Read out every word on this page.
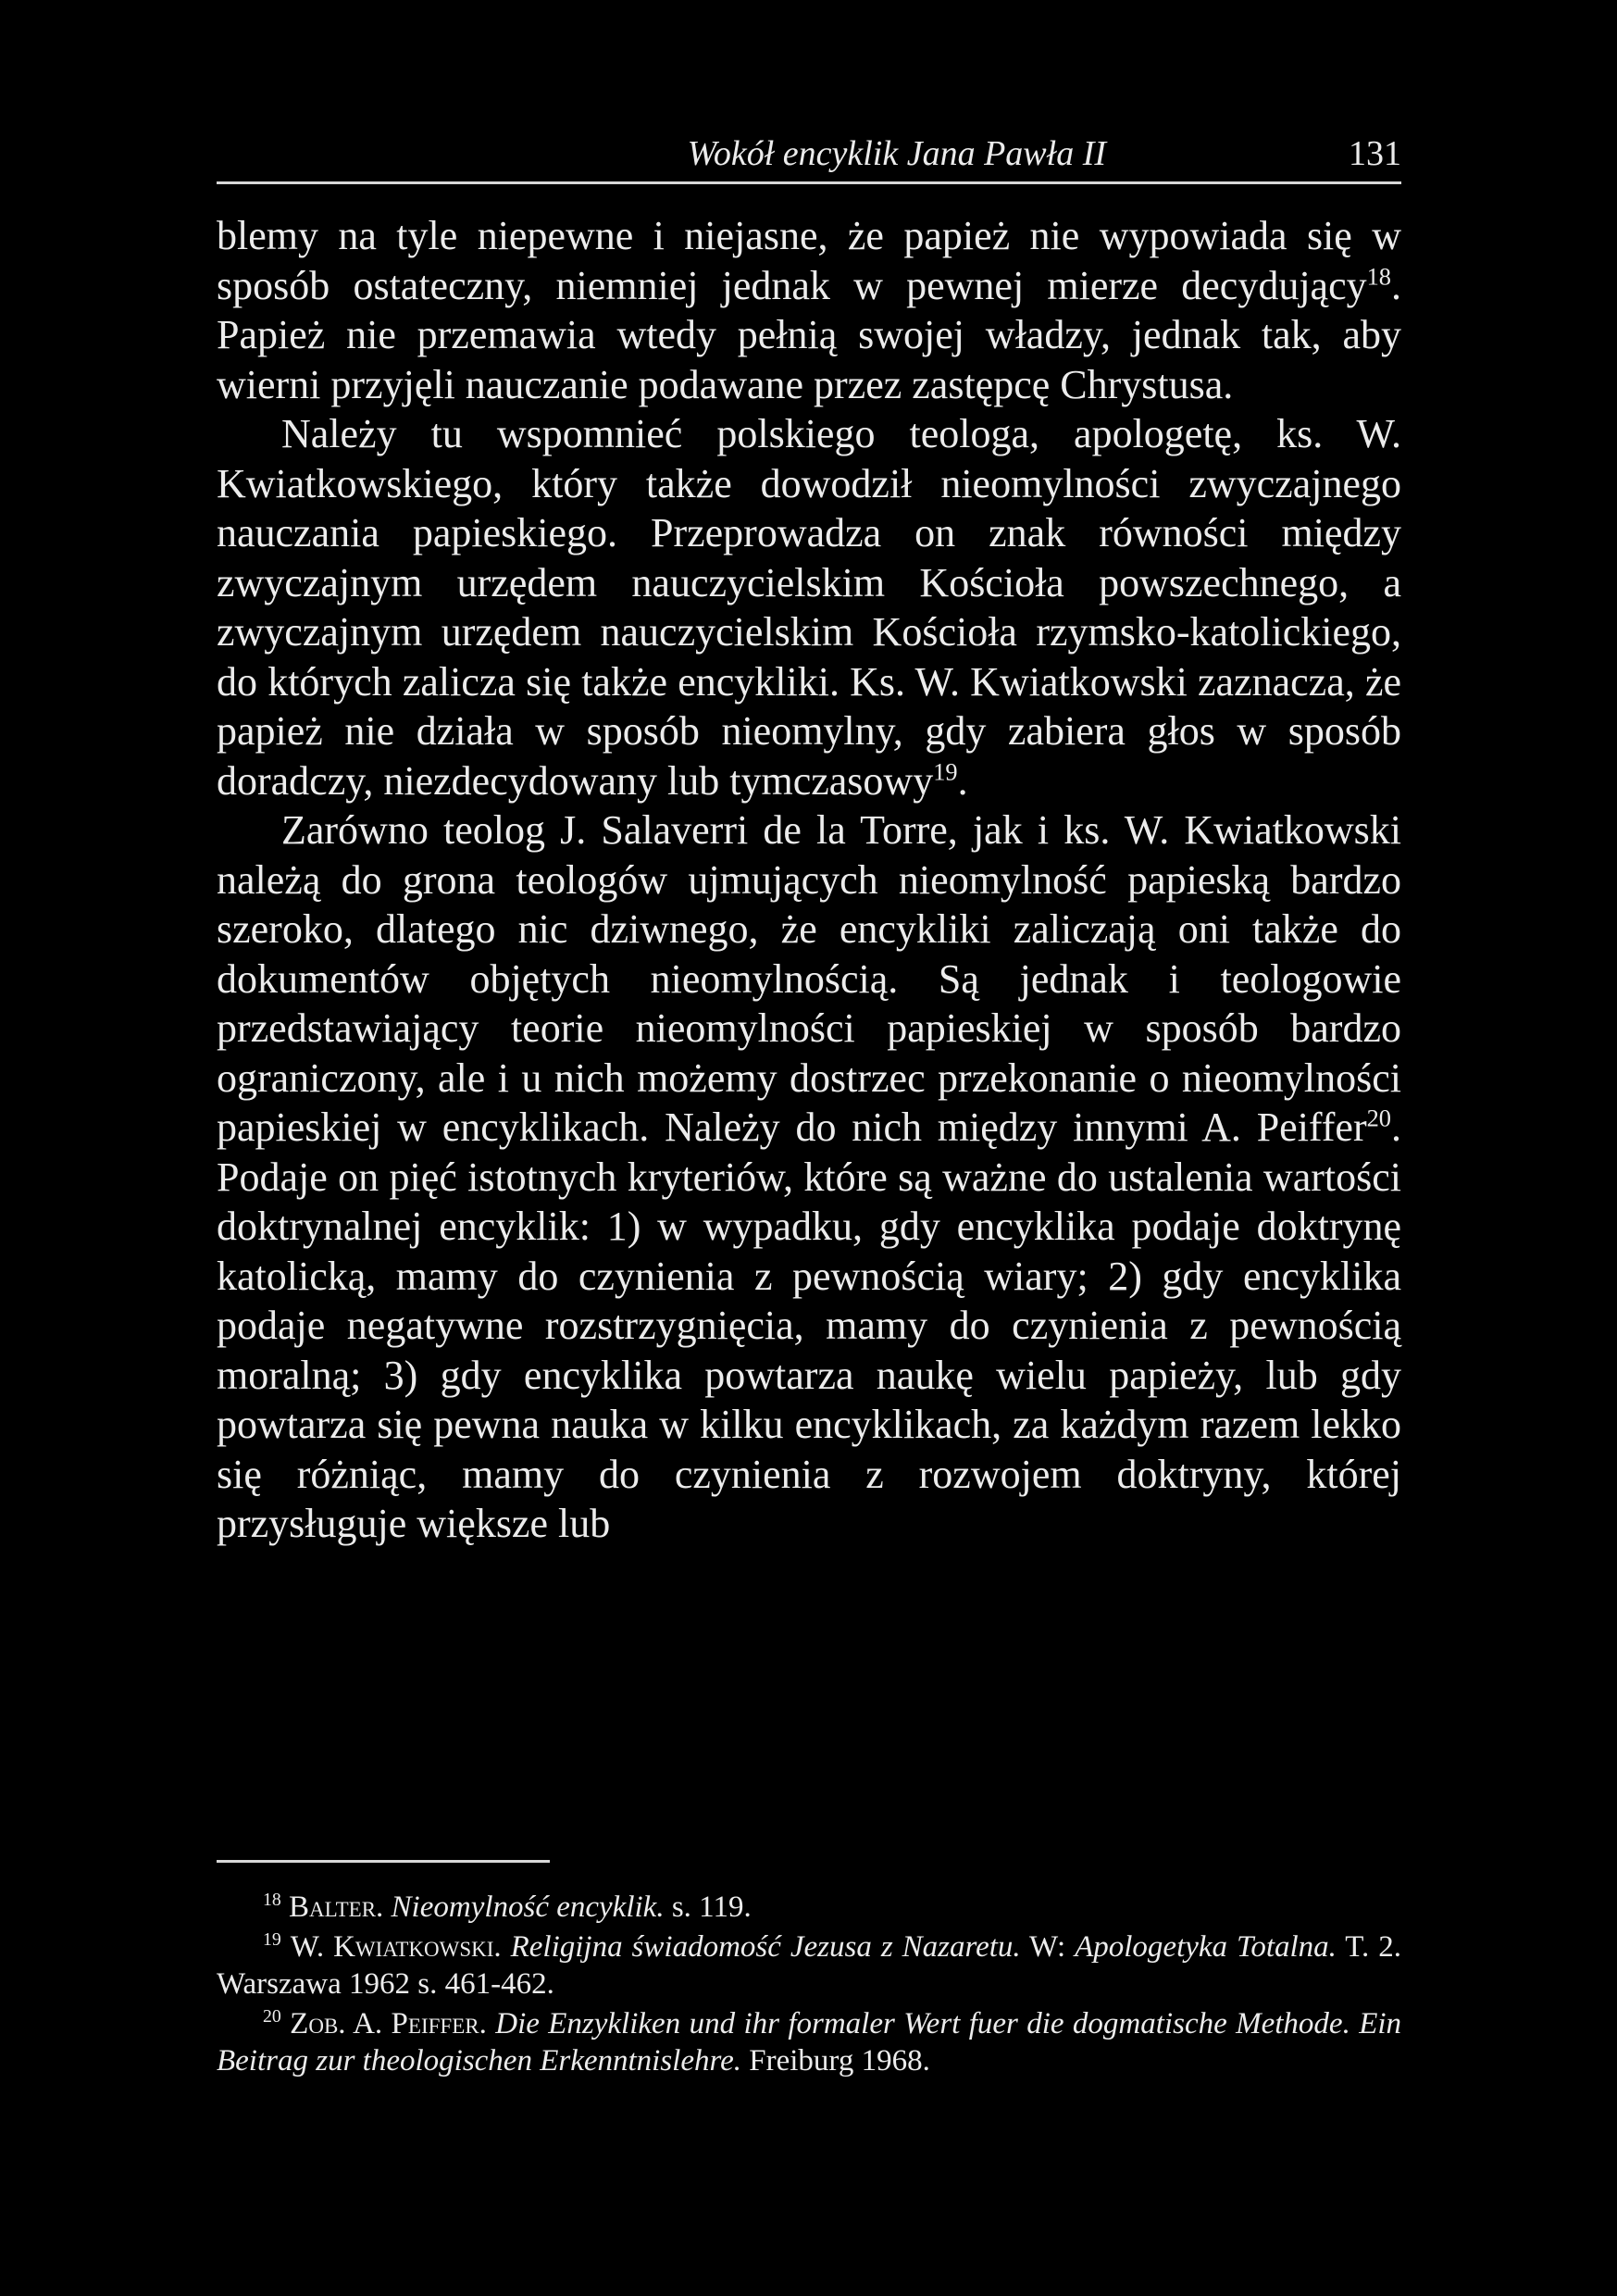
Wokół encyklik Jana Pawła II	131

blemy na tyle niepewne i niejasne, że papież nie wypowiada się w sposób ostateczny, niemniej jednak w pewnej mierze decydujący$^{18}$. Papież nie przemawia wtedy pełnią swojej władzy, jednak tak, aby wierni przyjęli nauczanie podawane przez zastępcę Chrystusa.

Należy tu wspomnieć polskiego teologa, apologetę, ks. W. Kwiatkowskiego, który także dowodził nieomylności zwyczajnego nauczania papieskiego. Przeprowadza on znak równości między zwyczajnym urzędem nauczycielskim Kościoła powszechnego, a zwyczajnym urzędem nauczycielskim Kościoła rzymsko-katolickiego, do których zalicza się także encykliki. Ks. W. Kwiatkowski zaznacza, że papież nie działa w sposób nieomylny, gdy zabiera głos w sposób doradczy, niezdecydowany lub tymczasowy$^{19}$.

Zarówno teolog J. Salaverri de la Torre, jak i ks. W. Kwiatkowski należą do grona teologów ujmujących nieomylność papieską bardzo szeroko, dlatego nic dziwnego, że encykliki zaliczają oni także do dokumentów objętych nieomylnością. Są jednak i teologowie przedstawiający teorie nieomylności papieskiej w sposób bardzo ograniczony, ale i u nich możemy dostrzec przekonanie o nieomylności papieskiej w encyklikach. Należy do nich między innymi A. Peiffer$^{20}$. Podaje on pięć istotnych kryteriów, które są ważne do ustalenia wartości doktrynalnej encyklik: 1) w wypadku, gdy encyklika podaje doktrynę katolicką, mamy do czynienia z pewnością wiary; 2) gdy encyklika podaje negatywne rozstrzygnięcia, mamy do czynienia z pewnością moralną; 3) gdy encyklika powtarza naukę wielu papieży, lub gdy powtarza się pewna nauka w kilku encyklikach, za każdym razem lekko się różniąc, mamy do czynienia z rozwojem doktryny, której przysługuje większe lub

$^{18}$ Balter. Nieomylność encyklik. s. 119.

$^{19}$ W. Kwiatkowski. Religijna świadomość Jezusa z Nazaretu. W: Apologetyka Totalna. T. 2. Warszawa 1962 s. 461-462.

$^{20}$ Zob. A. Peiffer. Die Enzykliken und ihr formaler Wert fuer die dogmatische Methode. Ein Beitrag zur theologischen Erkenntnislehre. Freiburg 1968.
